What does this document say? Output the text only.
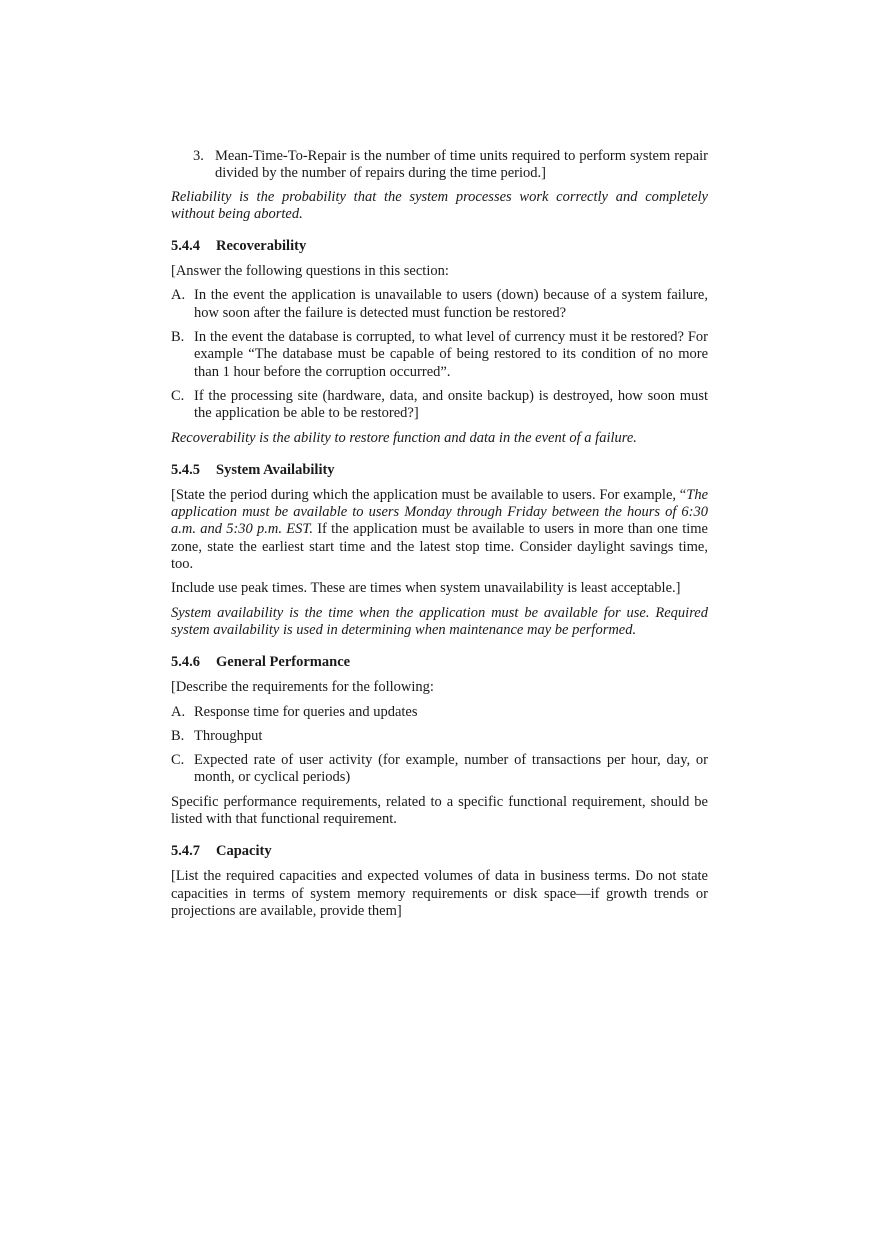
3. Mean-Time-To-Repair is the number of time units required to perform system repair divided by the number of repairs during the time period.]

Reliability is the probability that the system processes work correctly and completely without being aborted.

5.4.4	Recoverability

[Answer the following questions in this section:

A. In the event the application is unavailable to users (down) because of a system failure, how soon after the failure is detected must function be restored?
B. In the event the database is corrupted, to what level of currency must it be restored? For example “The database must be capable of being restored to its condition of no more than 1 hour before the corruption occurred”.
C. If the processing site (hardware, data, and onsite backup) is destroyed, how soon must the application be able to be restored?]

Recoverability is the ability to restore function and data in the event of a failure.

5.4.5	System Availability

[State the period during which the application must be available to users. For example, “The application must be available to users Monday through Friday between the hours of 6:30 a.m. and 5:30 p.m. EST. If the application must be available to users in more than one time zone, state the earliest start time and the latest stop time. Consider daylight savings time, too.

Include use peak times. These are times when system unavailability is least acceptable.]

System availability is the time when the application must be available for use. Required system availability is used in determining when maintenance may be performed.

5.4.6	General Performance

[Describe the requirements for the following:

A. Response time for queries and updates
B. Throughput
C. Expected rate of user activity (for example, number of transactions per hour, day, or month, or cyclical periods)

Specific performance requirements, related to a specific functional requirement, should be listed with that functional requirement.

5.4.7	Capacity

[List the required capacities and expected volumes of data in business terms. Do not state capacities in terms of system memory requirements or disk space—if growth trends or projections are available, provide them]
